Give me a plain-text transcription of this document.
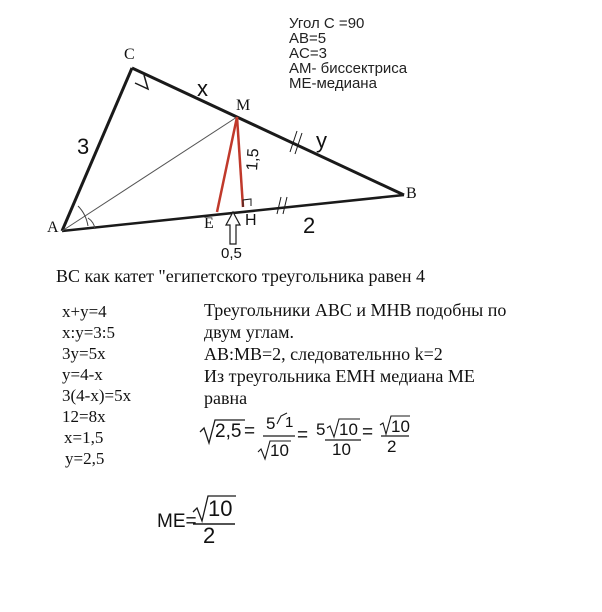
C
A
B
M
E H
3
x
y
2
1,5
0,5
Угол С =90
AB=5
AC=3
AM- биссектриса
ME-медиана
ВС как катет "египетского треугольника равен 4
x+y=4
x:y=3:5
3y=5x
y=4-x
3(4-x)=5x
12=8x
x=1,5
y=2,5
Треугольники АВС и МНВ подобны по
двум углам.
АВ:МВ=2, следовательнно k=2
Из треугольника ЕМН медиана МЕ
равна
2,5 = 5 1
10
= 5 10
10
= 10
2
ME=
10
2
